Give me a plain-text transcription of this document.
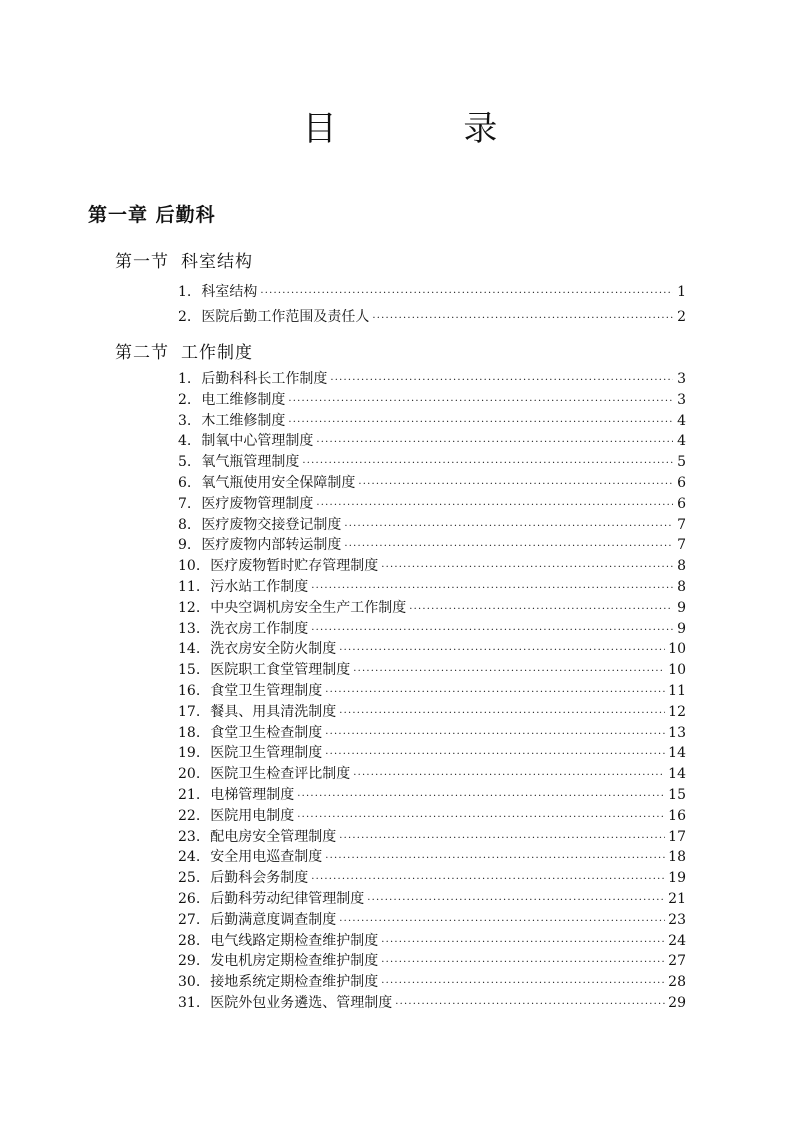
目 录
第一章 后勤科
第一节 科室结构
1. 科室结构 ·····	1
2. 医院后勤工作范围及责任人 ·····	2
第二节 工作制度
1. 后勤科科长工作制度 ·····	3
2. 电工维修制度 ·····	3
3. 木工维修制度 ·····	4
4. 制氧中心管理制度 ·····	4
5. 氧气瓶管理制度 ·····	5
6. 氧气瓶使用安全保障制度 ·····	6
7. 医疗废物管理制度 ·····	6
8. 医疗废物交接登记制度 ·····	7
9. 医疗废物内部转运制度 ·····	7
10. 医疗废物暂时贮存管理制度 ·····	8
11. 污水站工作制度 ·····	8
12. 中央空调机房安全生产工作制度 ·····	9
13. 洗衣房工作制度 ·····	9
14. 洗衣房安全防火制度 ·····	10
15. 医院职工食堂管理制度 ·····	10
16. 食堂卫生管理制度 ·····	11
17. 餐具、用具清洗制度 ·····	12
18. 食堂卫生检查制度 ·····	13
19. 医院卫生管理制度 ·····	14
20. 医院卫生检查评比制度 ·····	14
21. 电梯管理制度 ·····	15
22. 医院用电制度 ·····	16
23. 配电房安全管理制度 ·····	17
24. 安全用电巡查制度 ·····	18
25. 后勤科会务制度 ·····	19
26. 后勤科劳动纪律管理制度 ·····	21
27. 后勤满意度调查制度 ·····	23
28. 电气线路定期检查维护制度 ·····	24
29. 发电机房定期检查维护制度 ·····	27
30. 接地系统定期检查维护制度 ·····	28
31. 医院外包业务遴选、管理制度 ·····	29
